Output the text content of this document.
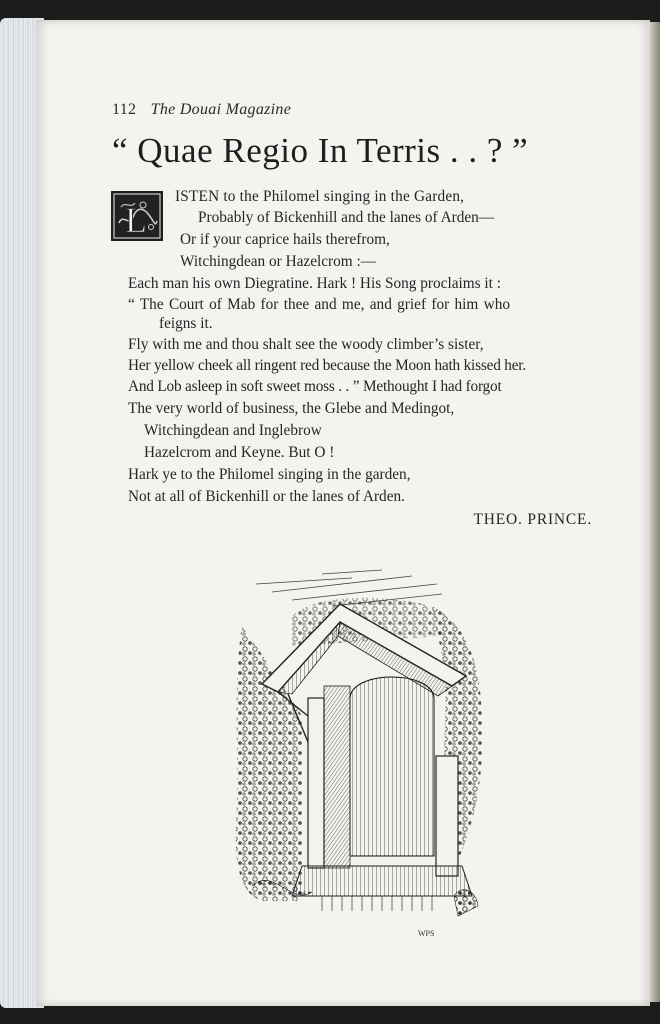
112 The Douai Magazine
“ Quae Regio In Terris . . ? ”
L
ISTEN to the Philomel singing in the Garden,
Probably of Bickenhill and the lanes of Arden—
Or if your caprice hails therefrom,
Witchingdean or Hazelcrom :—
Each man his own Diegratine. Hark ! His Song proclaims it :
“ The Court of Mab for thee and me, and grief for him who
feigns it.
Fly with me and thou shalt see the woody climber’s sister,
Her yellow cheek all ringent red because the Moon hath kissed her.
And Lob asleep in soft sweet moss . . ” Methought I had forgot
The very world of business, the Glebe and Medingot,
Witchingdean and Inglebrow
Hazelcrom and Keyne. But O !
Hark ye to the Philomel singing in the garden,
Not at all of Bickenhill or the lanes of Arden.
THEO. PRINCE.
WPS
